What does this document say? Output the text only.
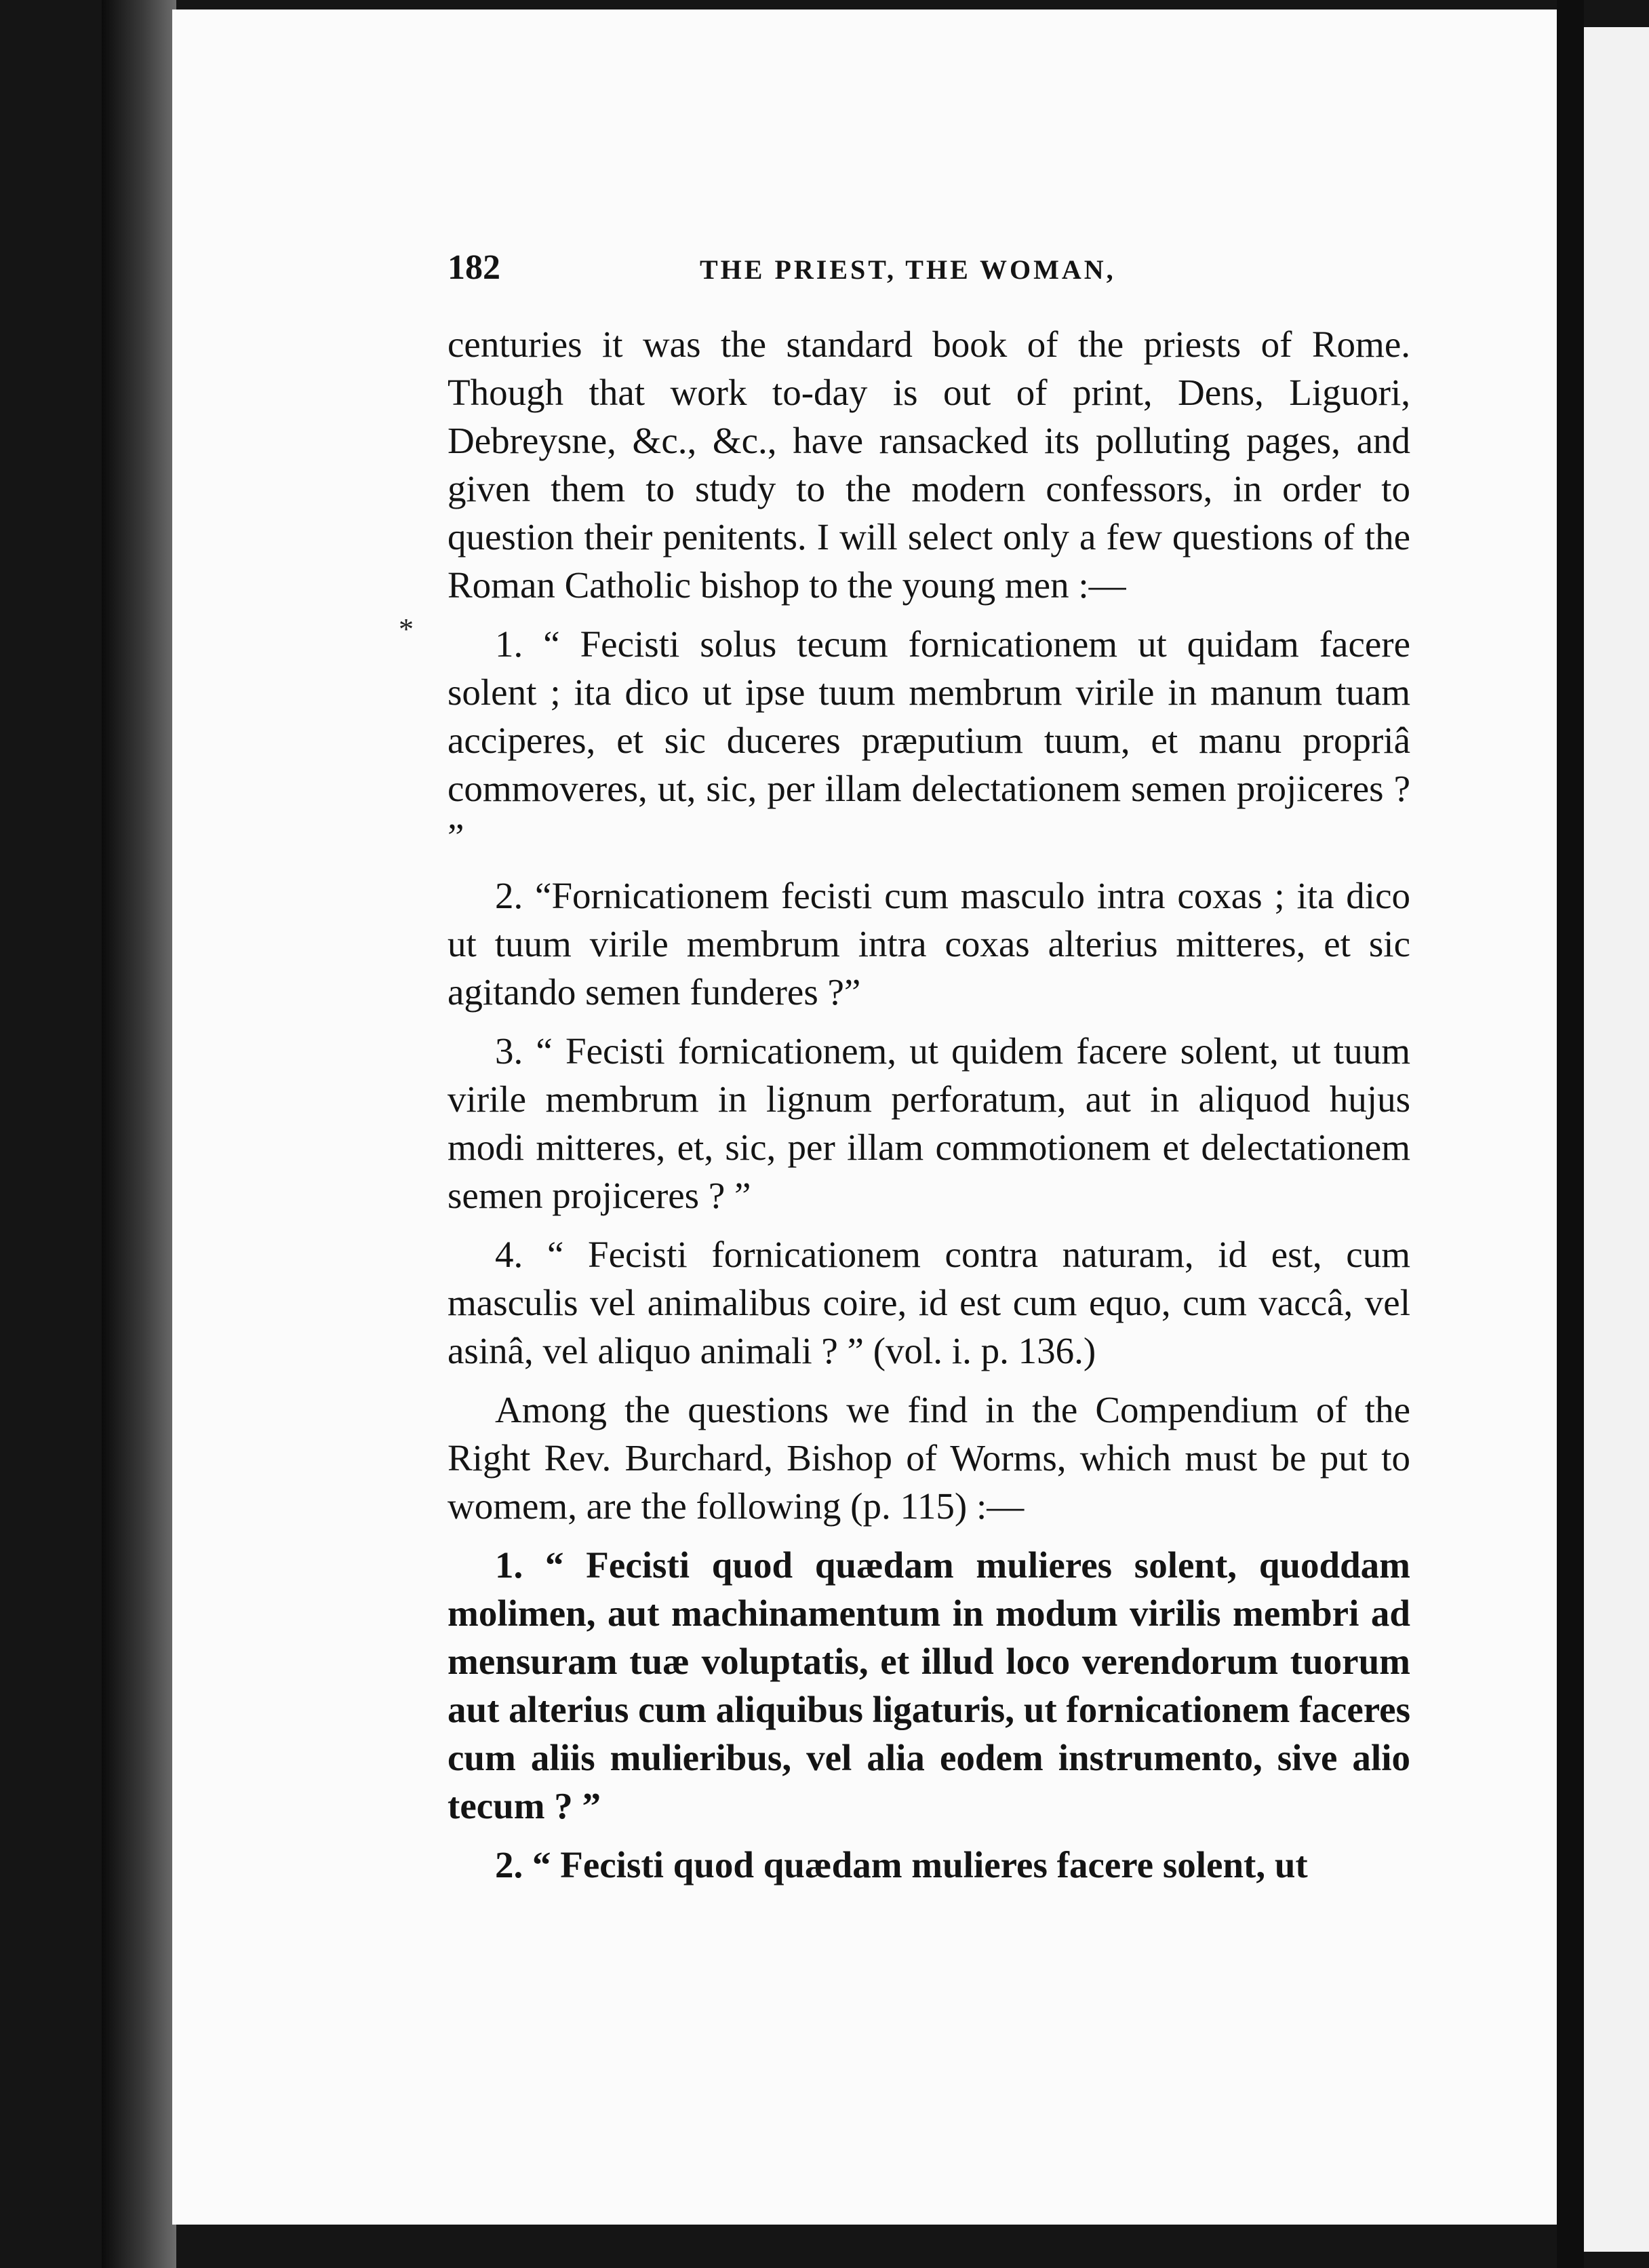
182	THE PRIEST, THE WOMAN,
*

centuries it was the standard book of the priests of Rome. Though that work to-day is out of print, Dens, Liguori, Debreysne, &c., &c., have ransacked its polluting pages, and given them to study to the modern confessors, in order to question their penitents. I will select only a few questions of the Roman Catholic bishop to the young men :—

1. “ Fecisti solus tecum fornicationem ut quidam facere solent ; ita dico ut ipse tuum membrum virile in manum tuam acciperes, et sic duceres præputium tuum, et manu propriâ commoveres, ut, sic, per illam delectationem semen projiceres ? ”

2. “Fornicationem fecisti cum masculo intra coxas ; ita dico ut tuum virile membrum intra coxas alterius mitteres, et sic agitando semen funderes ?”

3. “ Fecisti fornicationem, ut quidem facere solent, ut tuum virile membrum in lignum perforatum, aut in aliquod hujus modi mitteres, et, sic, per illam commotionem et delectationem semen projiceres ? ”

4. “ Fecisti fornicationem contra naturam, id est, cum masculis vel animalibus coire, id est cum equo, cum vaccâ, vel asinâ, vel aliquo animali ? ” (vol. i. p. 136.)

Among the questions we find in the Compendium of the Right Rev. Burchard, Bishop of Worms, which must be put to womem, are the following (p. 115) :—

1. “ Fecisti quod quædam mulieres solent, quoddam molimen, aut machinamentum in modum virilis membri ad mensuram tuæ voluptatis, et illud loco verendorum tuorum aut alterius cum aliquibus ligaturis, ut fornicationem faceres cum aliis mulieribus, vel alia eodem instrumento, sive alio tecum ? ”

2. “ Fecisti quod quædam mulieres facere solent, ut
